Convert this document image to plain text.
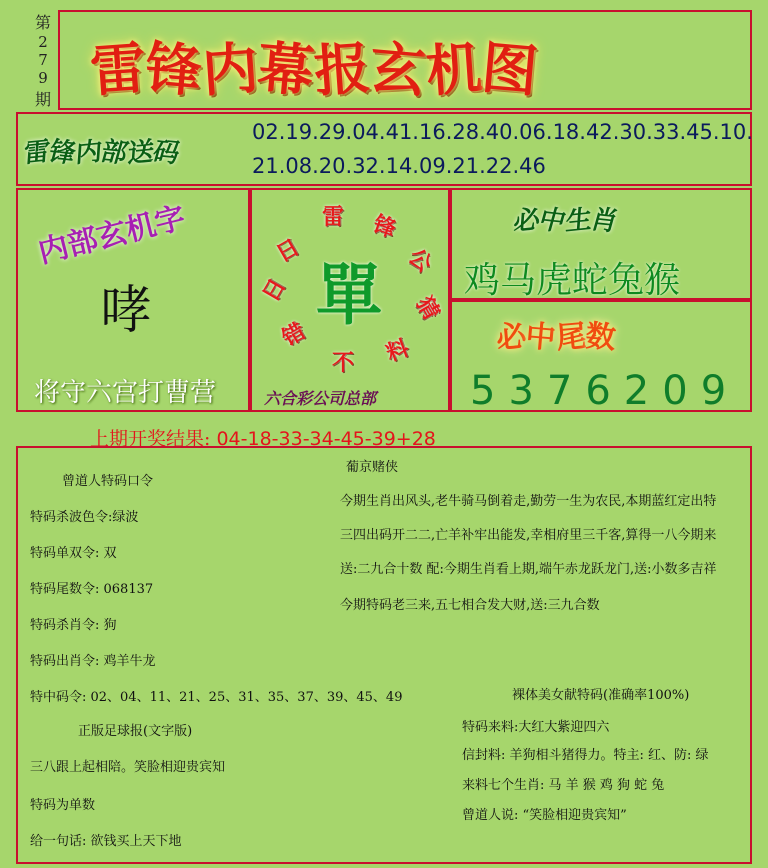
第
2
7
9
期 雷锋内幕报玄机图
雷锋内部送码
02.19.29.04.41.16.28.40.06.18.42.30.33.45.10.
21.08.20.32.14.09.21.22.46
内部玄机字
哮
将守六宫打曹营
單
日
雷 锋
公
猜
料
不
错
日
六合彩公司总部
必中生肖
鸡马虎蛇兔猴
必中尾数
5376209
上期开奖结果: 04-18-33-34-45-39+28
曾道人特码口令
特码杀波色令:绿波
特码单双令: 双
特码尾数令: 068137
特码杀肖令: 狗
特码出肖令: 鸡羊牛龙
特中码令: 02、04、11、21、25、31、35、37、39、45、49
正版足球报(文字版)
三八跟上起相陪。笑脸相迎贵宾知
特码为单数
给一句话: 欲钱买上天下地
葡京赌侠
今期生肖出风头,老牛骑马倒着走,勤劳一生为农民,本期蓝红定出特
三四出码开二二,亡羊补牢出能发,幸相府里三千客,算得一八今期来
送:二九合十数 配:今期生肖看上期,端午赤龙跃龙门,送:小数多吉祥
今期特码老三来,五七相合发大财,送:三九合数
裸体美女献特码(准确率100%)
特码来料:大红大紫迎四六
信封料: 羊狗相斗猪得力。特主: 红、防: 绿
来料七个生肖: 马 羊 猴 鸡 狗 蛇 兔
曾道人说: “笑脸相迎贵宾知”
